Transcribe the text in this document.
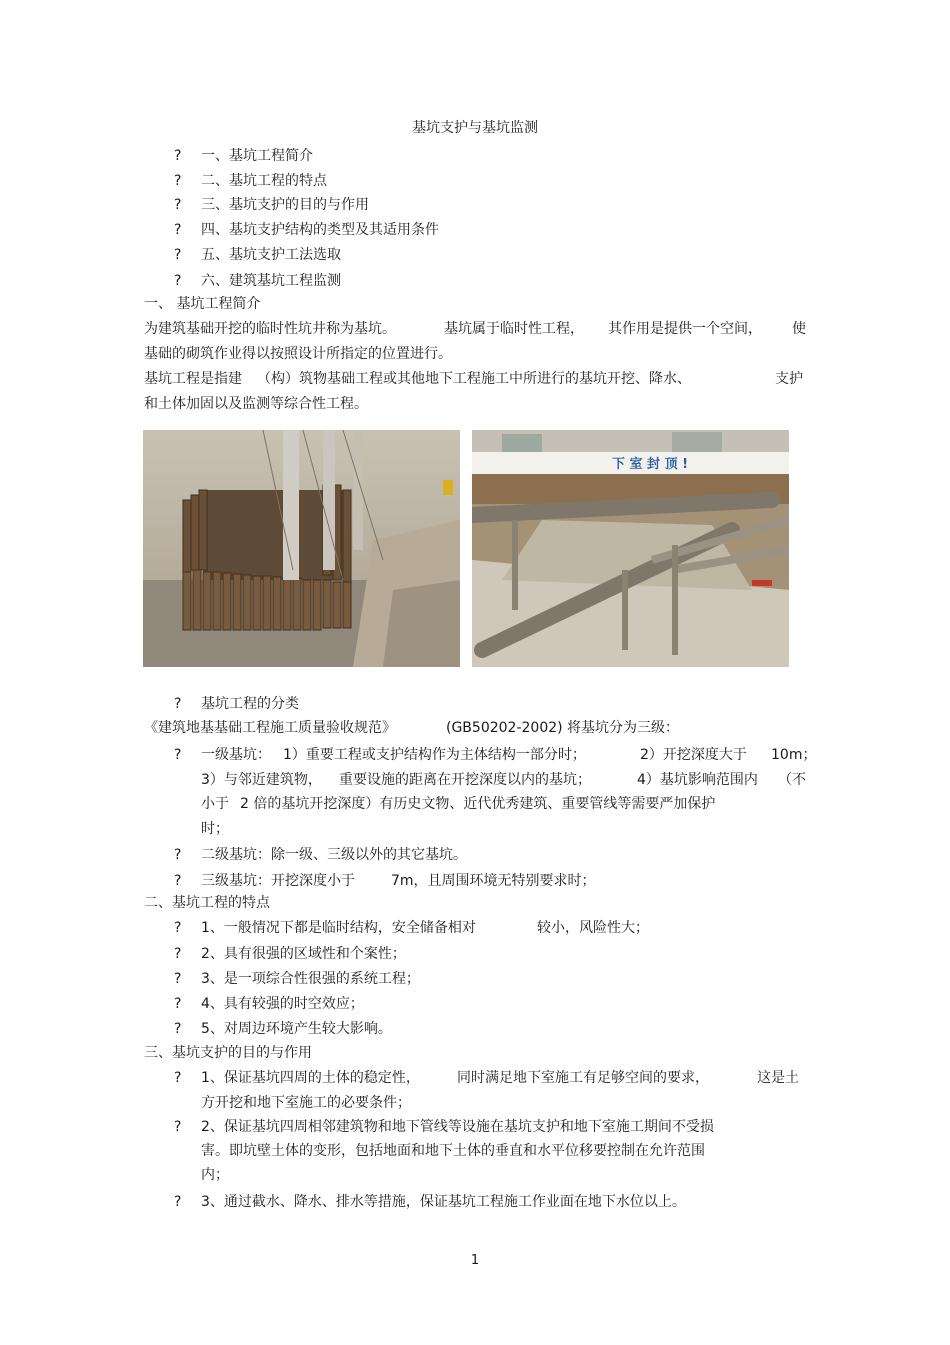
基坑支护与基坑监测
? 一、基坑工程简介
? 二、基坑工程的特点
? 三、基坑支护的目的与作用
? 四、基坑支护结构的类型及其适用条件
? 五、基坑支护工法选取
? 六、建筑基坑工程监测
一、 基坑工程简介
为建筑基础开挖的临时性坑井称为基坑。	基坑属于临时性工程， 其作用是提供一个空间， 使
基础的砌筑作业得以按照设计所指定的位置进行。
基坑工程是指建 （构）筑物基础工程或其他地下工程施工中所进行的基坑开挖、降水、	支护
和土体加固以及监测等综合性工程。
下 室 封 顶 !
? 基坑工程的分类
《建筑地基基础工程施工质量验收规范》	(GB50202-2002) 将基坑分为三级：
? 一级基坑： 1）重要工程或支护结构作为主体结构一部分时；	2）开挖深度大于 10m；
3）与邻近建筑物， 重要设施的距离在开挖深度以内的基坑；	4）基坑影响范围内 （不
小于 2 倍的基坑开挖深度）有历史文物、近代优秀建筑、重要管线等需要严加保护
时；
? 二级基坑：除一级、三级以外的其它基坑。
? 三级基坑：开挖深度小于	7m，且周围环境无特别要求时；
二、基坑工程的特点
? 1、一般情况下都是临时结构，安全储备相对	较小，风险性大；
? 2、具有很强的区域性和个案性；
? 3、是一项综合性很强的系统工程；
? 4、具有较强的时空效应；
? 5、对周边环境产生较大影响。
三、基坑支护的目的与作用
? 1、保证基坑四周的土体的稳定性，	同时满足地下室施工有足够空间的要求，	这是土
方开挖和地下室施工的必要条件；
? 2、保证基坑四周相邻建筑物和地下管线等设施在基坑支护和地下室施工期间不受损
害。即坑壁土体的变形，包括地面和地下土体的垂直和水平位移要控制在允许范围
内；
? 3、通过截水、降水、排水等措施，保证基坑工程施工作业面在地下水位以上。
1
